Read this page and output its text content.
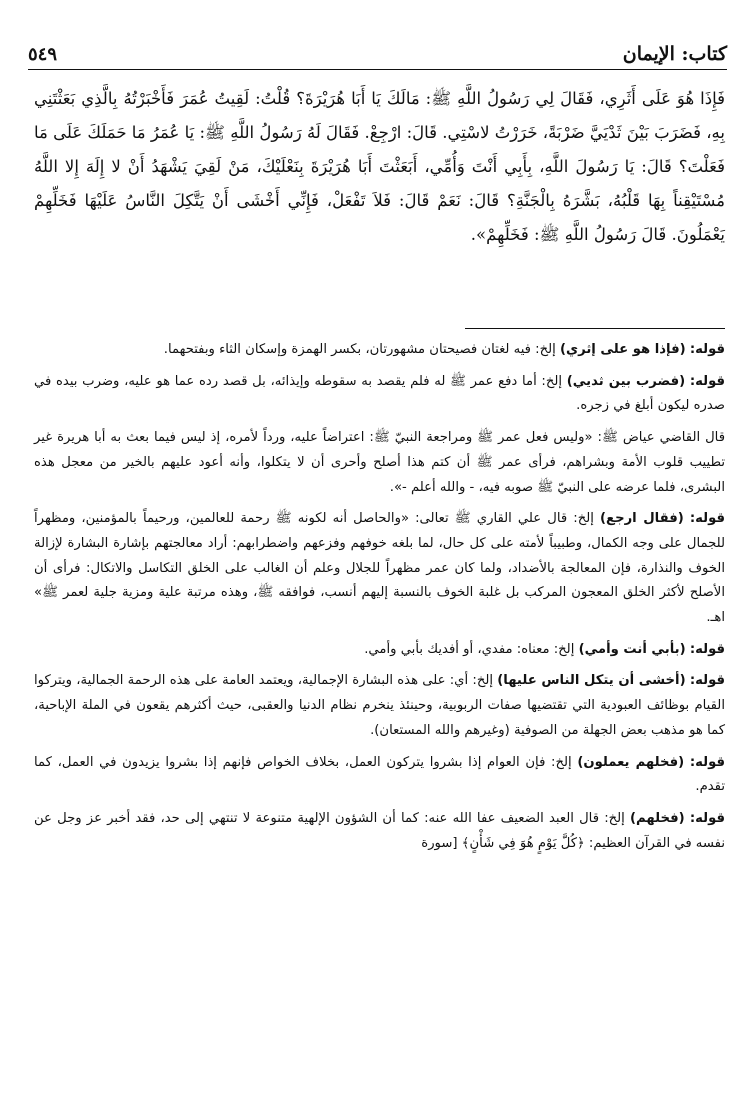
٥٤٩	كتاب: الإيمان
فَإِذَا هُوَ عَلَى أَثَرِي، فَقَالَ لِي رَسُولُ اللَّهِ ﷺ: مَالَكَ يَا أَبَا هُرَيْرَةَ؟ قُلْتُ: لَقِيتُ عُمَرَ فَأَخْبَرْتُهُ بِالَّذِي بَعَثْتَنِي بِهِ، فَضَرَبَ بَيْنَ ثَدْيَيَّ ضَرْبَةً، خَرَرْتُ لاسْتِي. قَالَ: ارْجِعْ. فَقَالَ لَهُ رَسُولُ اللَّهِ ﷺ: يَا عُمَرُ مَا حَمَلَكَ عَلَى مَا فَعَلْتَ؟ قَالَ: يَا رَسُولَ اللَّهِ، بِأَبِي أَنْتَ وَأُمِّي، أَبَعَثْتَ أَبَا هُرَيْرَةَ بِنَعْلَيْكَ، مَنْ لَقِيَ يَشْهَدُ أَنْ لا إِلَهَ إِلا اللَّهُ مُسْتَيْقِناً بِهَا قَلْبُهُ، بَشَّرَهُ بِالْجَنَّةِ؟ قَالَ: نَعَمْ قَالَ: فَلاَ تَفْعَلْ، فَإِنِّي أَخْشَى أَنْ يَتَّكِلَ النَّاسُ عَلَيْهَا فَخَلِّهِمْ يَعْمَلُونَ. قَالَ رَسُولُ اللَّهِ ﷺ: فَخَلِّهِمْ».

قوله: (فإذا هو على إثري) إلخ: فيه لغتان فصيحتان مشهورتان، بكسر الهمزة وإسكان الثاء وبفتحهما.

قوله: (فضرب بين ثديي) إلخ: أما دفع عمر ﷺ له فلم يقصد به سقوطه وإيذائه، بل قصد رده عما هو عليه، وضرب بيده في صدره ليكون أبلغ في زجره.

قال القاضي عياض ﷺ: «وليس فعل عمر ﷺ ومراجعة النبيّ ﷺ: اعتراضاً عليه، ورداً لأمره، إذ ليس فيما بعث به أبا هريرة غير تطييب قلوب الأمة وبشراهم، فرأى عمر ﷺ أن كتم هذا أصلح وأحرى أن لا يتكلوا، وأنه أعود عليهم بالخير من معجل هذه البشرى، فلما عرضه على النبيّ ﷺ صوبه فيه، - والله أعلم -».

قوله: (فقال ارجع) إلخ: قال علي القاري ﷺ تعالى: «والحاصل أنه لكونه ﷺ رحمة للعالمين، ورحيماً بالمؤمنين، ومظهراً للجمال على وجه الكمال، وطبيباً لأمته على كل حال، لما بلغه خوفهم وفزعهم واضطرابهم: أراد معالجتهم بإشارة البشارة لإزالة الخوف والنذارة، فإن المعالجة بالأضداد، ولما كان عمر مظهراً للجلال وعلم أن الغالب على الخلق التكاسل والاتكال: فرأى أن الأصلح لأكثر الخلق المعجون المركب بل غلبة الخوف بالنسبة إليهم أنسب، فوافقه ﷺ، وهذه مرتبة علية ومزية جلية لعمر ﷺ» اهـ.

قوله: (بأبي أنت وأمي) إلخ: معناه: مفدي، أو أفديك بأبي وأمي.

قوله: (أخشى أن يتكل الناس عليها) إلخ: أي: على هذه البشارة الإجمالية، ويعتمد العامة على هذه الرحمة الجمالية، ويتركوا القيام بوظائف العبودية التي تقتضيها صفات الربوبية، وحينئذ ينخرم نظام الدنيا والعقبى، حيث أكثرهم يقعون في الملة الإباحية، كما هو مذهب بعض الجهلة من الصوفية (وغيرهم والله المستعان).

قوله: (فخلهم يعملون) إلخ: فإن العوام إذا بشروا يتركون العمل، بخلاف الخواص فإنهم إذا بشروا يزيدون في العمل، كما تقدم.

قوله: (فخلهم) إلخ: قال العبد الضعيف عفا الله عنه: كما أن الشؤون الإلهية متنوعة لا تنتهي إلى حد، فقد أخبر عز وجل عن نفسه في القرآن العظيم: ﴿كُلَّ يَوْمٍ هُوَ فِي شَأْنٍ﴾ [سورة
